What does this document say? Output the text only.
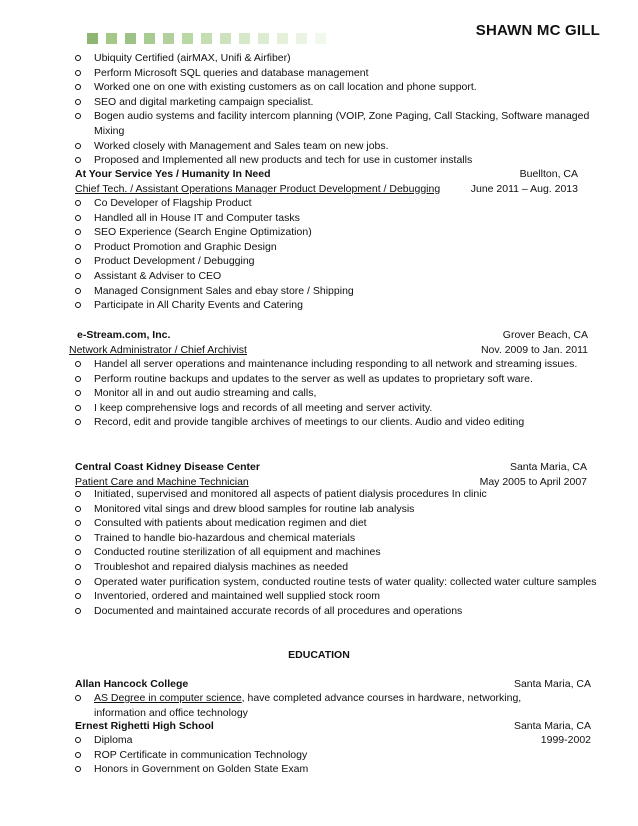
SHAWN MC GILL
Ubiquity Certified (airMAX, Unifi & Airfiber)
Perform Microsoft SQL queries and database management
Worked one on one with existing customers as on call location and phone support.
SEO and digital marketing campaign specialist.
Bogen audio systems and facility intercom planning (VOIP, Zone Paging, Call Stacking, Software managed Mixing
Worked closely with Management and Sales team on new jobs.
Proposed and Implemented all new products and tech for use in customer installs
At Your Service Yes / Humanity In Need	Buellton, CA
Chief Tech. / Assistant Operations Manager Product Development / Debugging	June 2011 – Aug. 2013
Co Developer of Flagship Product
Handled all in House IT and Computer tasks
SEO Experience (Search Engine Optimization)
Product Promotion and Graphic Design
Product Development / Debugging
Assistant & Adviser to CEO
Managed Consignment Sales and ebay store / Shipping
Participate in All Charity Events and Catering
e-Stream.com, Inc.	Grover Beach, CA
Network Administrator / Chief Archivist	Nov. 2009 to Jan. 2011
Handel all server operations and maintenance including responding to all network and streaming issues.
Perform routine backups and updates to the server as well as updates to proprietary soft ware.
Monitor all in and out audio streaming and calls,
I keep comprehensive logs and records of all meeting and server activity.
Record, edit and provide tangible archives of meetings to our clients. Audio and video editing
Central Coast Kidney Disease Center	Santa Maria, CA
Patient Care and Machine Technician	May 2005 to April 2007
Initiated, supervised and monitored all aspects of patient dialysis procedures In clinic
Monitored vital sings and drew blood samples for routine lab analysis
Consulted with patients about medication regimen and diet
Trained to handle bio-hazardous and chemical materials
Conducted routine sterilization of all equipment and machines
Troubleshot and repaired dialysis machines as needed
Operated water purification system, conducted routine tests of water quality: collected water culture samples
Inventoried, ordered and maintained well supplied stock room
Documented and maintained accurate records of all procedures and operations
EDUCATION
Allan Hancock College	Santa Maria, CA
AS Degree in computer science, have completed advance courses in hardware, networking, information and office technology
Ernest Righetti High School	Santa Maria, CA
Diploma	1999-2002
ROP Certificate in communication Technology
Honors in Government on Golden State Exam
